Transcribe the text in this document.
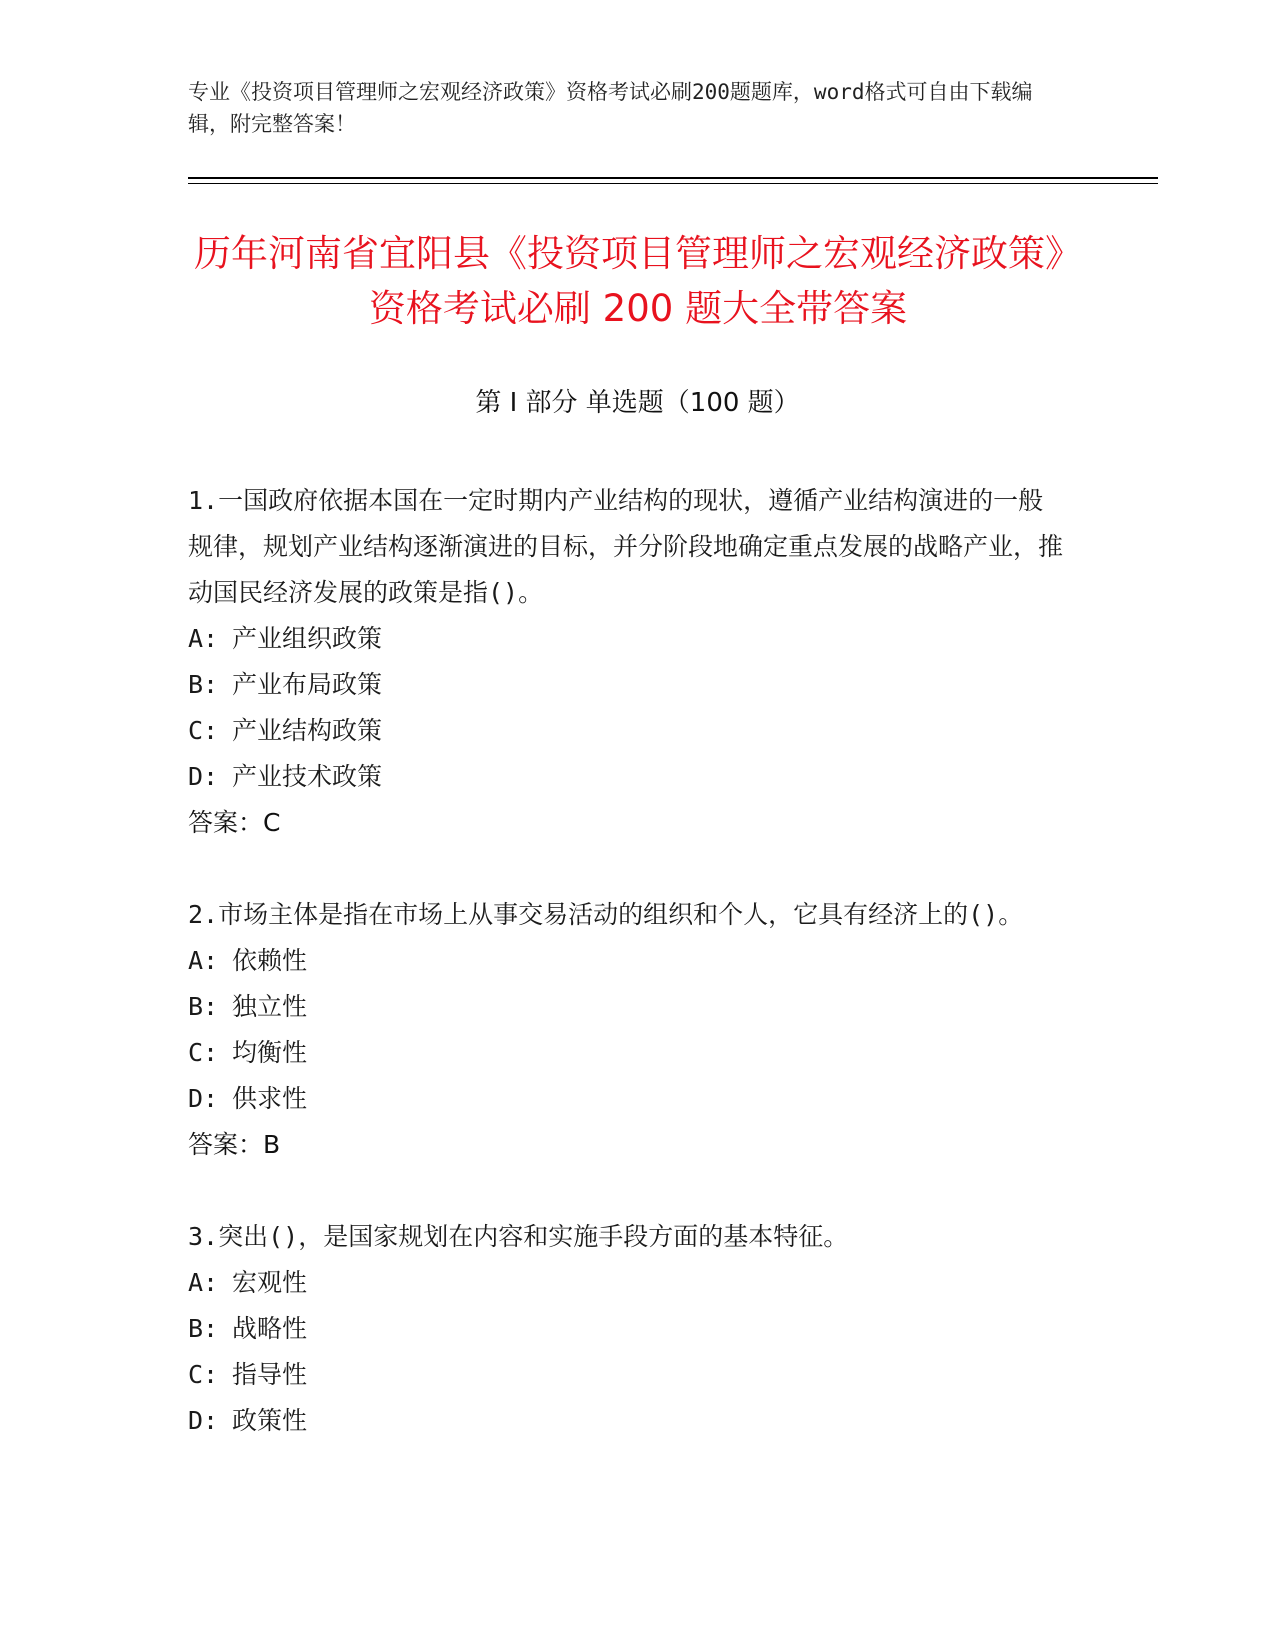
专业《投资项目管理师之宏观经济政策》资格考试必刷200题题库，word格式可自由下载编辑，附完整答案！
历年河南省宜阳县《投资项目管理师之宏观经济政策》资格考试必刷 200 题大全带答案
第 I 部分 单选题（100 题）

1.一国政府依据本国在一定时期内产业结构的现状，遵循产业结构演进的一般规律，规划产业结构逐渐演进的目标，并分阶段地确定重点发展的战略产业，推动国民经济发展的政策是指()。

A: 产业组织政策
B: 产业布局政策
C: 产业结构政策
D: 产业技术政策

答案：C

2.市场主体是指在市场上从事交易活动的组织和个人，它具有经济上的()。

A: 依赖性
B: 独立性
C: 均衡性
D: 供求性

答案：B

3.突出()，是国家规划在内容和实施手段方面的基本特征。

A: 宏观性
B: 战略性
C: 指导性
D: 政策性
